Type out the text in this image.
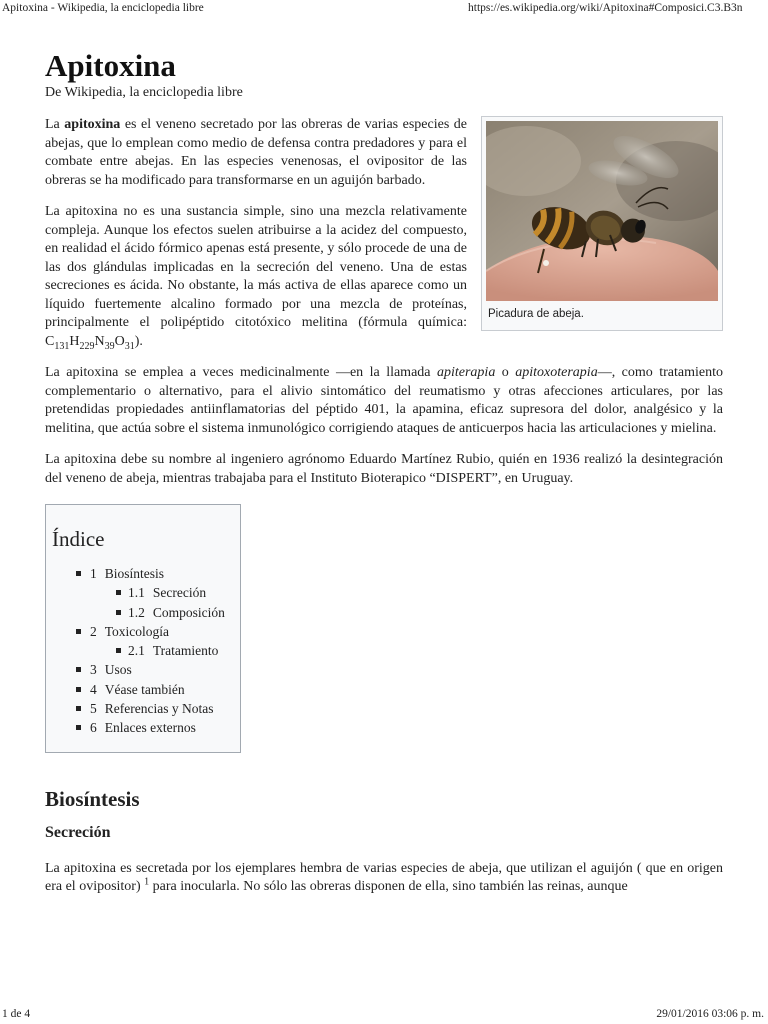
Apitoxina - Wikipedia, la enciclopedia libre	https://es.wikipedia.org/wiki/Apitoxina#Composici.C3.B3n
Apitoxina
De Wikipedia, la enciclopedia libre
Picadura de abeja.

La apitoxina es el veneno secretado por las obreras de varias especies de abejas, que lo emplean como medio de defensa contra predadores y para el combate entre abejas. En las especies venenosas, el ovipositor de las obreras se ha modificado para transformarse en un aguijón barbado.

La apitoxina no es una sustancia simple, sino una mezcla relativamente compleja. Aunque los efectos suelen atribuirse a la acidez del compuesto, en realidad el ácido fórmico apenas está presente, y sólo procede de una de las dos glándulas implicadas en la secreción del veneno. Una de estas secreciones es ácida. No obstante, la más activa de ellas aparece como un líquido fuertemente alcalino formado por una mezcla de proteínas, principalmente el polipéptido citotóxico melitina (fórmula química: $C_{131}H_{229}N_{39}O_{31}$).

La apitoxina se emplea a veces medicinalmente —en la llamada apiterapia o apitoxoterapia—, como tratamiento complementario o alternativo, para el alivio sintomático del reumatismo y otras afecciones articulares, por las pretendidas propiedades antiinflamatorias del péptido 401, la apamina, eficaz supresora del dolor, analgésico y la melitina, que actúa sobre el sistema inmunológico corrigiendo ataques de anticuerpos hacia las articulaciones y mielina.

La apitoxina debe su nombre al ingeniero agrónomo Eduardo Martínez Rubio, quién en 1936 realizó la desintegración del veneno de abeja, mientras trabajaba para el Instituto Bioterapico “DISPERT”, en Uruguay.

Índice
1 Biosíntesis
1.1 Secreción
1.2 Composición
2 Toxicología
2.1 Tratamiento
3 Usos
4 Véase también
5 Referencias y Notas
6 Enlaces externos
Biosíntesis
Secreción

La apitoxina es secretada por los ejemplares hembra de varias especies de abeja, que utilizan el aguijón ( que en origen era el ovipositor) $^1$ para inocularla. No sólo las obreras disponen de ella, sino también las reinas, aunque

1 de 4	29/01/2016 03:06 p. m.
